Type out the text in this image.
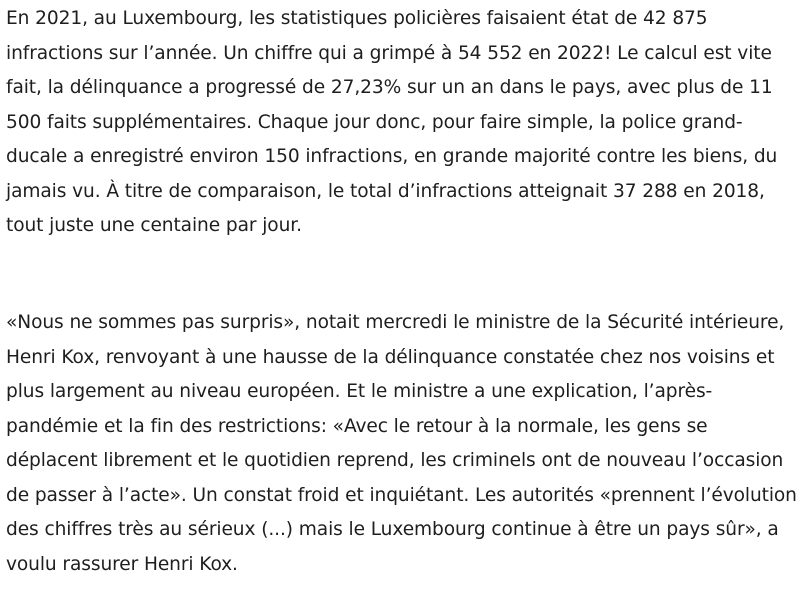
En 2021, au Luxembourg, les statistiques policières faisaient état de 42 875 infractions sur l’année. Un chiffre qui a grimpé à 54 552 en 2022! Le calcul est vite fait, la délinquance a progressé de 27,23% sur un an dans le pays, avec plus de 11 500 faits supplémentaires. Chaque jour donc, pour faire simple, la police grand-ducale a enregistré environ 150 infractions, en grande majorité contre les biens, du jamais vu. À titre de comparaison, le total d’infractions atteignait 37 288 en 2018, tout juste une centaine par jour.

«Nous ne sommes pas surpris», notait mercredi le ministre de la Sécurité intérieure, Henri Kox, renvoyant à une hausse de la délinquance constatée chez nos voisins et plus largement au niveau européen. Et le ministre a une explication, l’après-pandémie et la fin des restrictions: «Avec le retour à la normale, les gens se déplacent librement et le quotidien reprend, les criminels ont de nouveau l’occasion de passer à l’acte». Un constat froid et inquiétant. Les autorités «prennent l’évolution des chiffres très au sérieux (...) mais le Luxembourg continue à être un pays sûr», a voulu rassurer Henri Kox.
